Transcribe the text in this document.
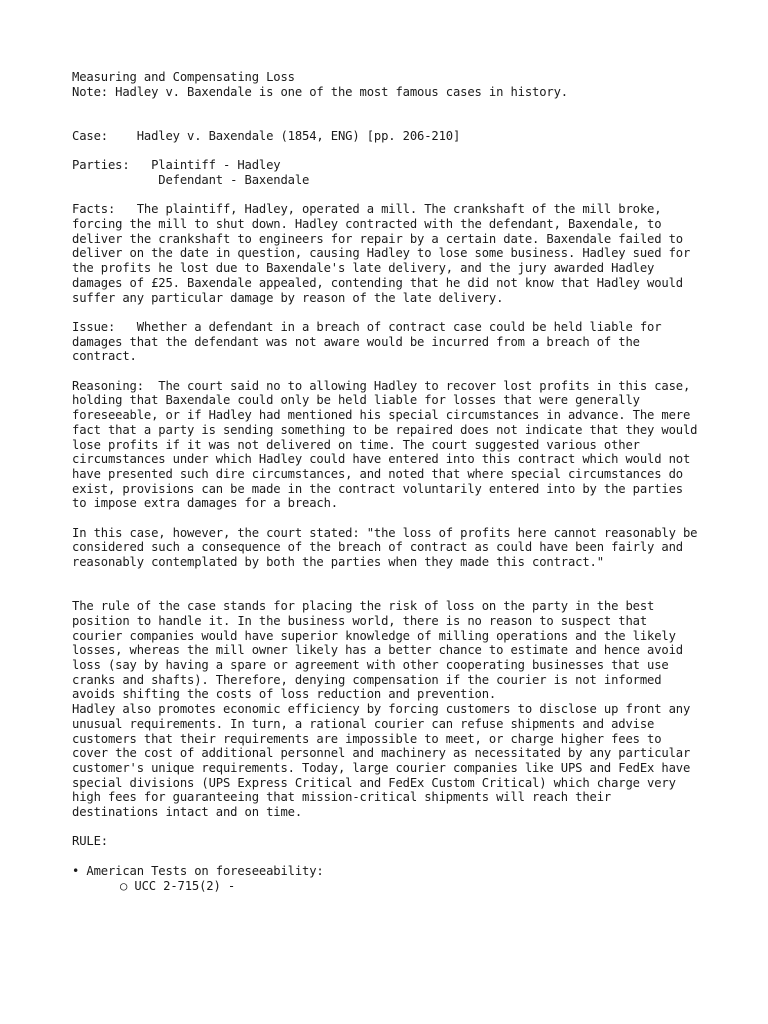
Measuring and Compensating Loss
Note: Hadley v. Baxendale is one of the most famous cases in history.
Case: Hadley v. Baxendale (1854, ENG) [pp. 206-210]
Parties: Plaintiff - Hadley
Defendant - Baxendale

Facts: The plaintiff, Hadley, operated a mill. The crankshaft of the mill broke, forcing the mill to shut down. Hadley contracted with the defendant, Baxendale, to deliver the crankshaft to engineers for repair by a certain date. Baxendale failed to deliver on the date in question, causing Hadley to lose some business. Hadley sued for the profits he lost due to Baxendale's late delivery, and the jury awarded Hadley damages of £25. Baxendale appealed, contending that he did not know that Hadley would suffer any particular damage by reason of the late delivery.

Issue: Whether a defendant in a breach of contract case could be held liable for damages that the defendant was not aware would be incurred from a breach of the contract.

Reasoning: The court said no to allowing Hadley to recover lost profits in this case, holding that Baxendale could only be held liable for losses that were generally foreseeable, or if Hadley had mentioned his special circumstances in advance. The mere fact that a party is sending something to be repaired does not indicate that they would lose profits if it was not delivered on time. The court suggested various other circumstances under which Hadley could have entered into this contract which would not have presented such dire circumstances, and noted that where special circumstances do exist, provisions can be made in the contract voluntarily entered into by the parties to impose extra damages for a breach.

In this case, however, the court stated: "the loss of profits here cannot reasonably be considered such a consequence of the breach of contract as could have been fairly and reasonably contemplated by both the parties when they made this contract."

The rule of the case stands for placing the risk of loss on the party in the best position to handle it. In the business world, there is no reason to suspect that courier companies would have superior knowledge of milling operations and the likely losses, whereas the mill owner likely has a better chance to estimate and hence avoid loss (say by having a spare or agreement with other cooperating businesses that use cranks and shafts). Therefore, denying compensation if the courier is not informed avoids shifting the costs of loss reduction and prevention.

Hadley also promotes economic efficiency by forcing customers to disclose up front any unusual requirements. In turn, a rational courier can refuse shipments and advise customers that their requirements are impossible to meet, or charge higher fees to cover the cost of additional personnel and machinery as necessitated by any particular customer's unique requirements. Today, large courier companies like UPS and FedEx have special divisions (UPS Express Critical and FedEx Custom Critical) which charge very high fees for guaranteeing that mission-critical shipments will reach their destinations intact and on time.

RULE:
• American Tests on foreseeability:
○ UCC 2-715(2) -
